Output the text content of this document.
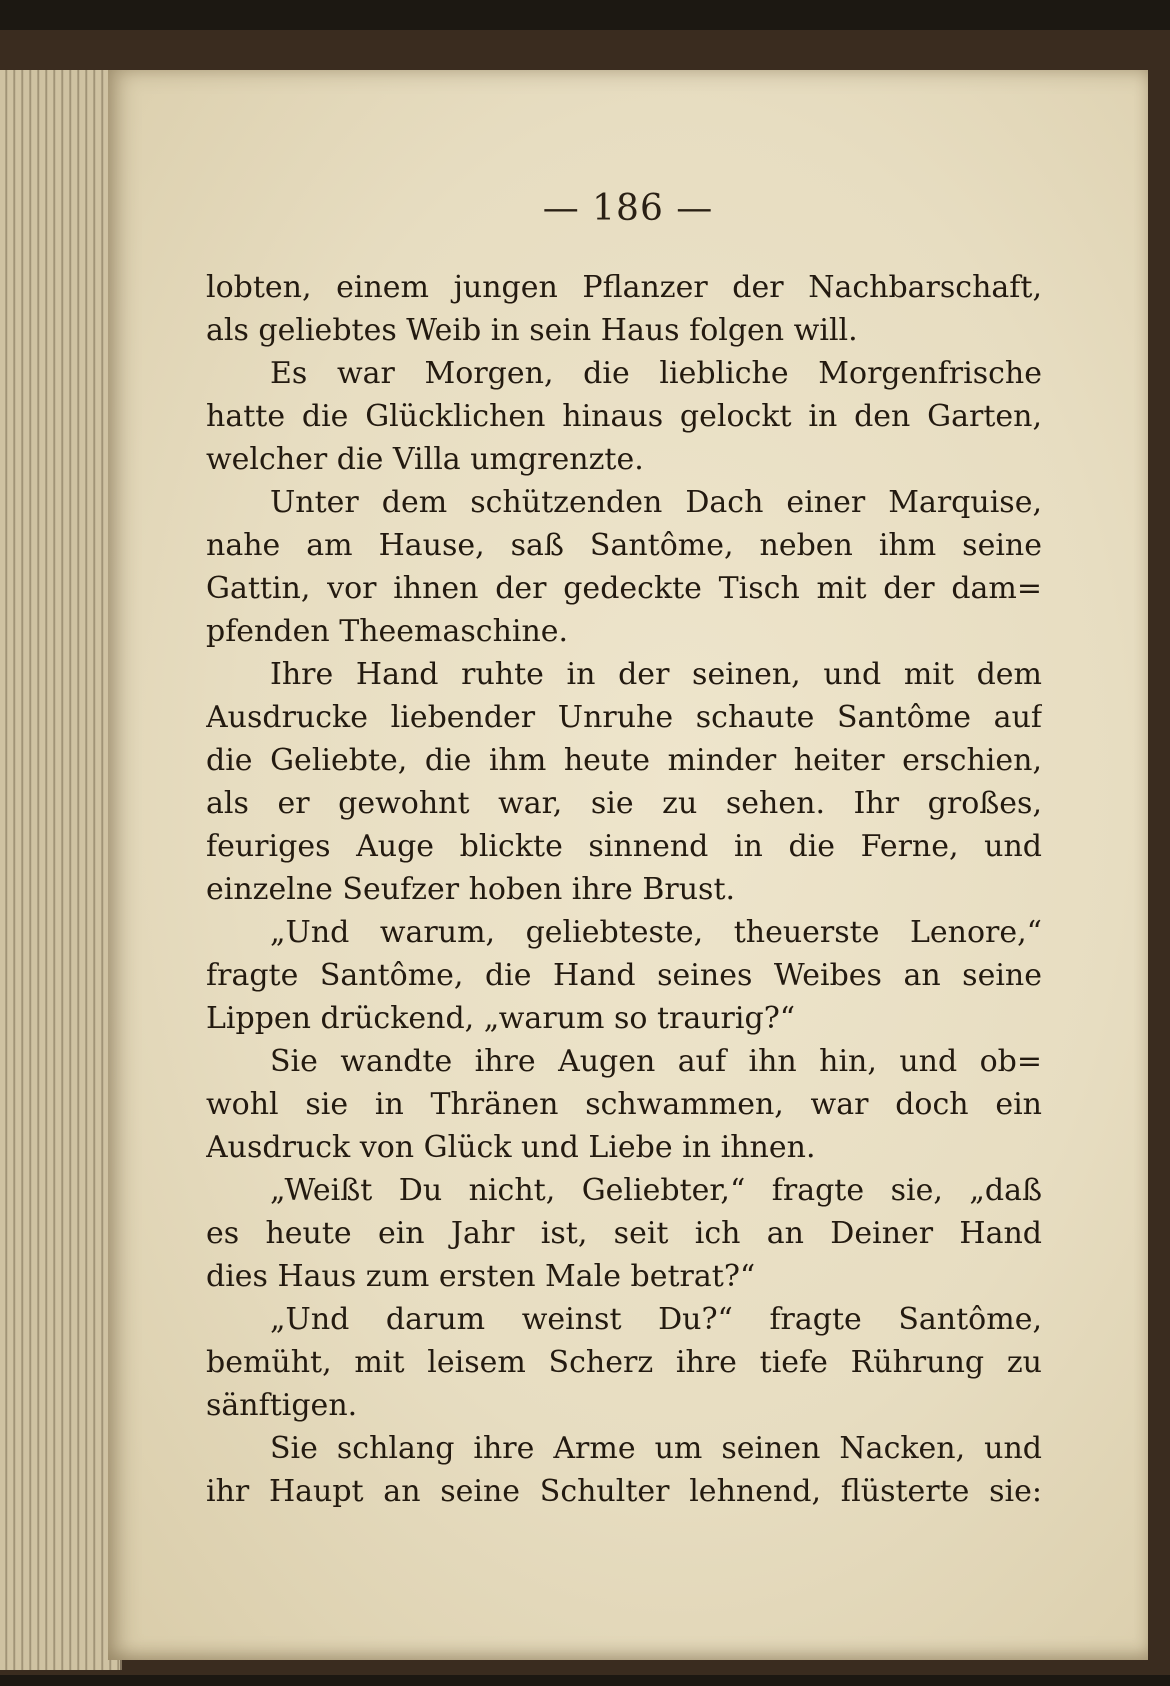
— 186 —
lobten, einem jungen Pflanzer der Nachbarschaft,
als geliebtes Weib in sein Haus folgen will.
Es war Morgen, die liebliche Morgenfrische
hatte die Glücklichen hinaus gelockt in den Garten,
welcher die Villa umgrenzte.
Unter dem schützenden Dach einer Marquise,
nahe am Hause, saß Santôme, neben ihm seine
Gattin, vor ihnen der gedeckte Tisch mit der dam=
pfenden Theemaschine.
Ihre Hand ruhte in der seinen, und mit dem
Ausdrucke liebender Unruhe schaute Santôme auf
die Geliebte, die ihm heute minder heiter erschien,
als er gewohnt war, sie zu sehen. Ihr großes,
feuriges Auge blickte sinnend in die Ferne, und
einzelne Seufzer hoben ihre Brust.
„Und warum, geliebteste, theuerste Lenore,“
fragte Santôme, die Hand seines Weibes an seine
Lippen drückend, „warum so traurig?“
Sie wandte ihre Augen auf ihn hin, und ob=
wohl sie in Thränen schwammen, war doch ein
Ausdruck von Glück und Liebe in ihnen.
„Weißt Du nicht, Geliebter,“ fragte sie, „daß
es heute ein Jahr ist, seit ich an Deiner Hand
dies Haus zum ersten Male betrat?“
„Und darum weinst Du?“ fragte Santôme,
bemüht, mit leisem Scherz ihre tiefe Rührung zu
sänftigen.
Sie schlang ihre Arme um seinen Nacken, und
ihr Haupt an seine Schulter lehnend, flüsterte sie:
